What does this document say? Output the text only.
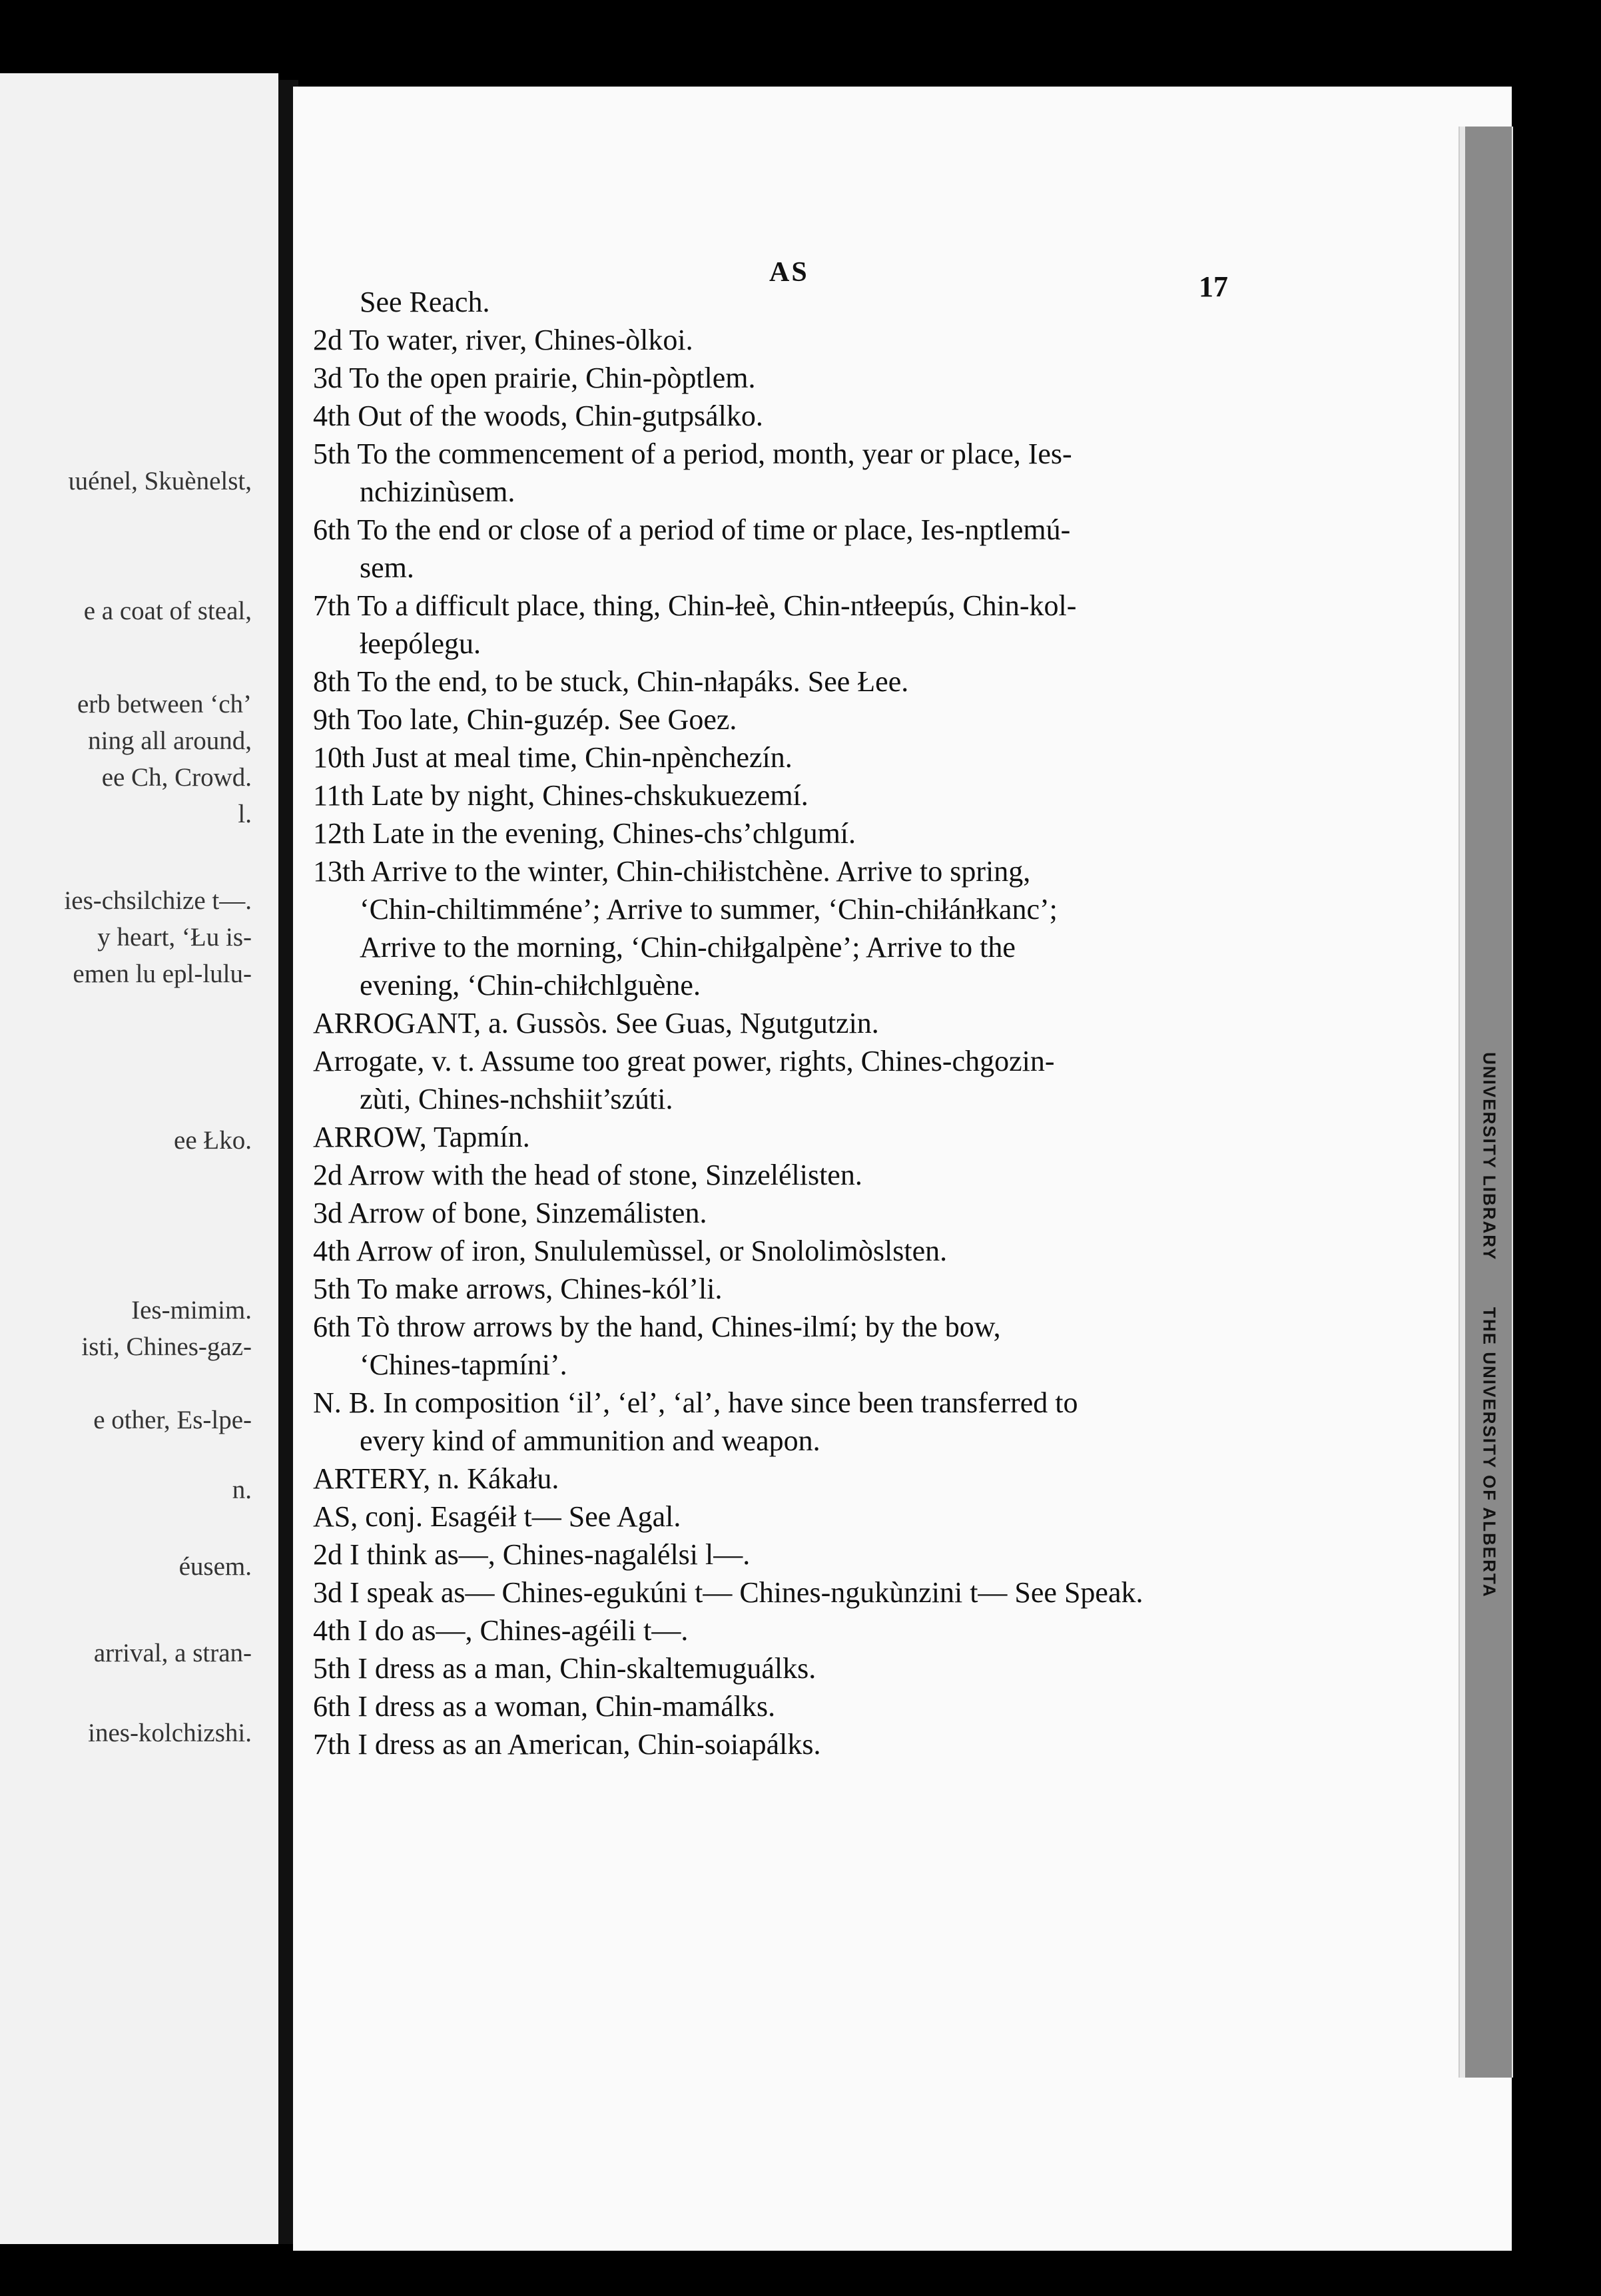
ιuénel, Skuènelst,
e a coat of steal,
erb between ‘ch’
ning all around,
ee Ch, Crowd.
l.
ies-chsilchize t—.
y heart, ‘Łu is-
emen lu epl-lulu-
ee Łko.
Ies-mimim.
isti, Chines-gaz-
e other, Es-lpe-
n.
éusem.
arrival, a stran-
ines-kolchizshi.
UNIVERSITY LIBRARY
THE UNIVERSITY OF ALBERTA
AS	17
See Reach.
2d To water, river, Chines-òlkoi.
3d To the open prairie, Chin-pòptlem.
4th Out of the woods, Chin-gutpsálko.
5th To the commencement of a period, month, year or place, Ies-
nchizinùsem.
6th To the end or close of a period of time or place, Ies-nptlemú-
sem.
7th To a difficult place, thing, Chin-łeè, Chin-ntłeepús, Chin-kol-
łeepólegu.
8th To the end, to be stuck, Chin-nłapáks. See Łee.
9th Too late, Chin-guzép. See Goez.
10th Just at meal time, Chin-npènchezín.
11th Late by night, Chines-chskukuezemí.
12th Late in the evening, Chines-chs’chlgumí.
13th Arrive to the winter, Chin-chiłistchène. Arrive to spring,
‘Chin-chiltimméne’; Arrive to summer, ‘Chin-chiłánłkanc’;
Arrive to the morning, ‘Chin-chiłgalpène’; Arrive to the
evening, ‘Chin-chiłchlguène.
ARROGANT, a. Gussòs. See Guas, Ngutgutzin.
Arrogate, v. t. Assume too great power, rights, Chines-chgozin-
zùti, Chines-nchshiit’szúti.
ARROW, Tapmín.
2d Arrow with the head of stone, Sinzelélisten.
3d Arrow of bone, Sinzemálisten.
4th Arrow of iron, Snululemùssel, or Snololimòslsten.
5th To make arrows, Chines-kól’li.
6th Tò throw arrows by the hand, Chines-ilmí; by the bow,
‘Chines-tapmíni’.
N. B. In composition ‘il’, ‘el’, ‘al’, have since been transferred to
every kind of ammunition and weapon.
ARTERY, n. Kákału.
AS, conj. Esagéił t— See Agal.
2d I think as—, Chines-nagalélsi l—.
3d I speak as— Chines-egukúni t— Chines-ngukùnzini t— See Speak.
4th I do as—, Chines-agéili t—.
5th I dress as a man, Chin-skaltemuguálks.
6th I dress as a woman, Chin-mamálks.
7th I dress as an American, Chin-soiapálks.
